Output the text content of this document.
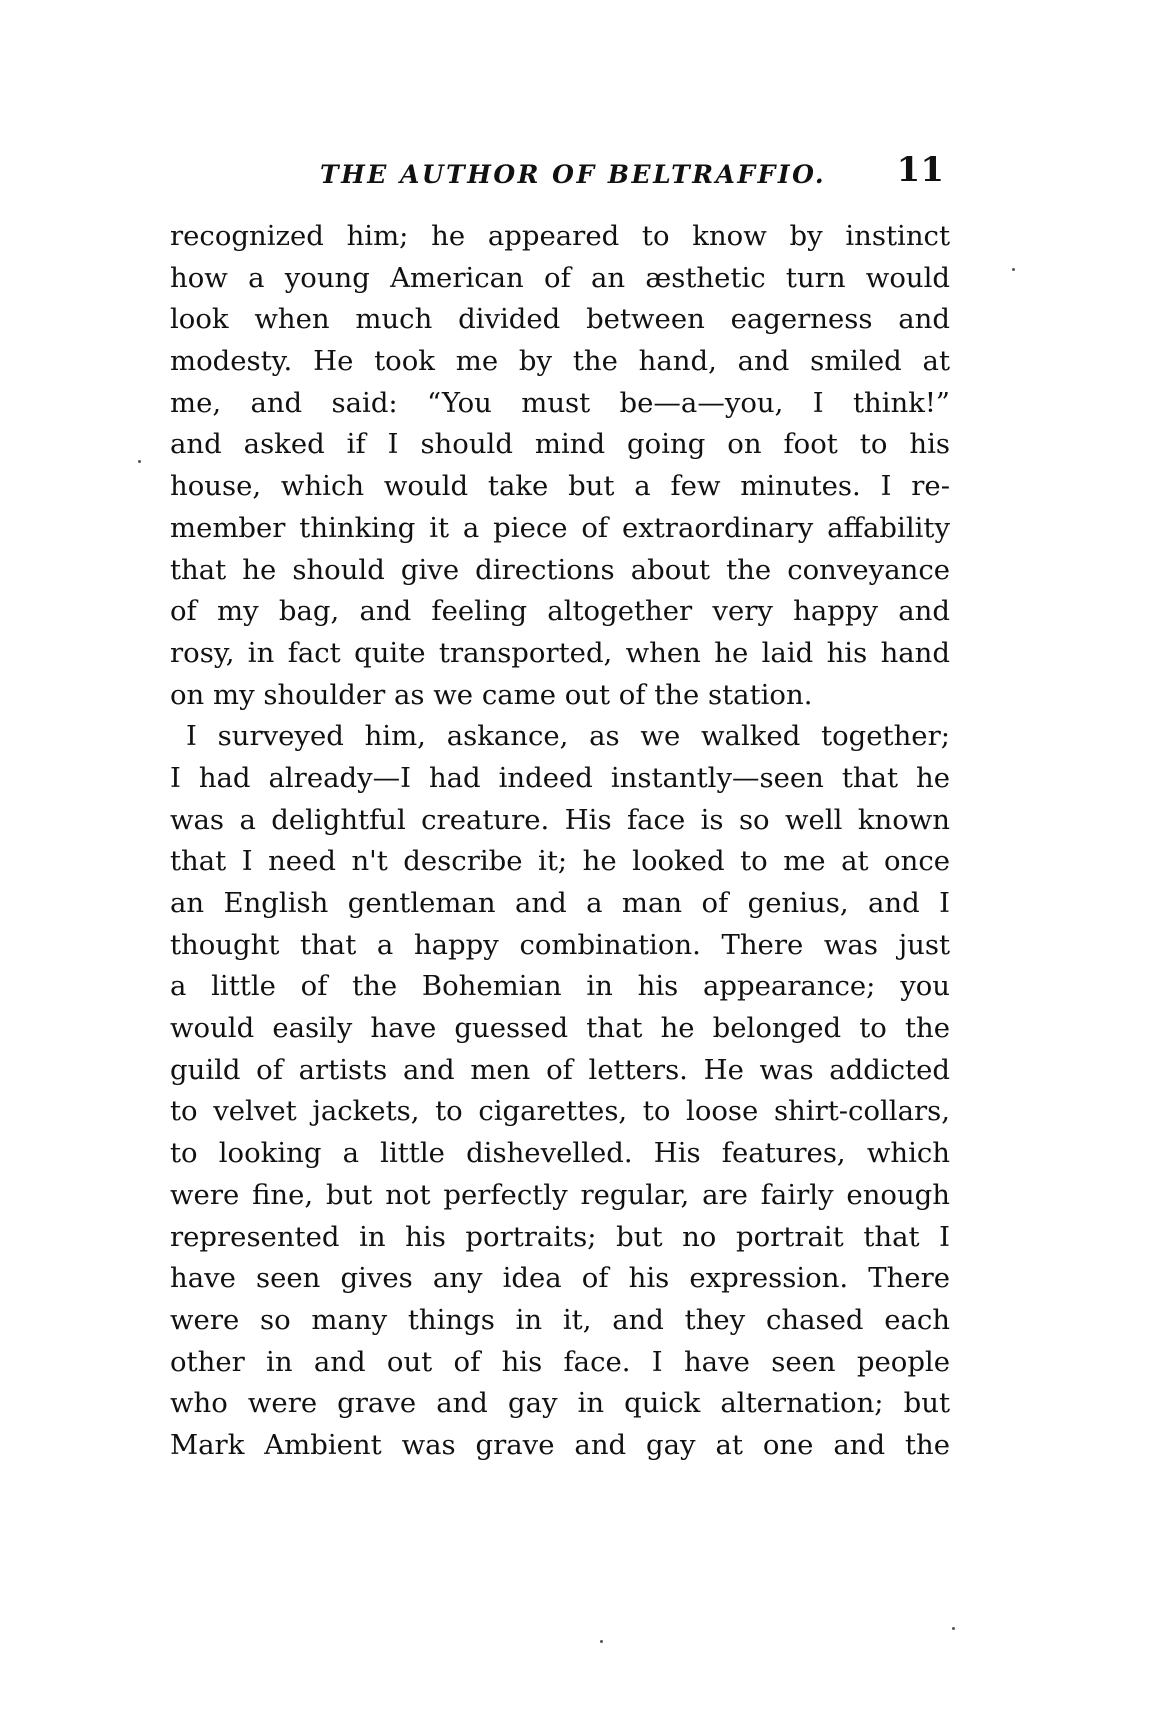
THE AUTHOR OF BELTRAFFIO. 11
recognized him; he appeared to know by instinct
how a young American of an æsthetic turn would
look when much divided between eagerness and
modesty. He took me by the hand, and smiled at
me, and said: “You must be—a—you, I think!”
and asked if I should mind going on foot to his
house, which would take but a few minutes. I re-
member thinking it a piece of extraordinary affability
that he should give directions about the conveyance
of my bag, and feeling altogether very happy and
rosy, in fact quite transported, when he laid his hand
on my shoulder as we came out of the station.
I surveyed him, askance, as we walked together;
I had already—I had indeed instantly—seen that he
was a delightful creature. His face is so well known
that I need n't describe it; he looked to me at once
an English gentleman and a man of genius, and I
thought that a happy combination. There was just
a little of the Bohemian in his appearance; you
would easily have guessed that he belonged to the
guild of artists and men of letters. He was addicted
to velvet jackets, to cigarettes, to loose shirt-collars,
to looking a little dishevelled. His features, which
were fine, but not perfectly regular, are fairly enough
represented in his portraits; but no portrait that I
have seen gives any idea of his expression. There
were so many things in it, and they chased each
other in and out of his face. I have seen people
who were grave and gay in quick alternation; but
Mark Ambient was grave and gay at one and the
